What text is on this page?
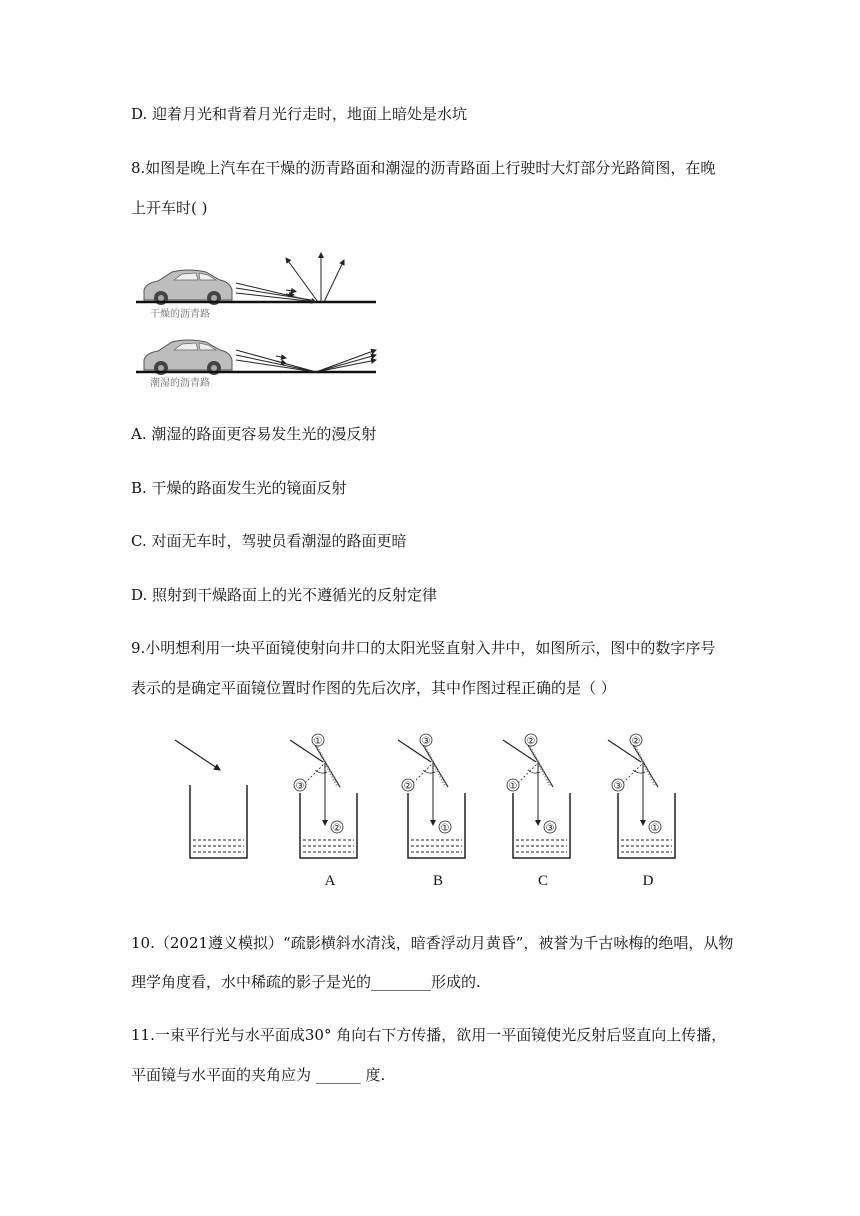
D. 迎着月光和背着月光行走时，地面上暗处是水坑
8.如图是晚上汽车在干燥的沥青路面和潮湿的沥青路面上行驶时大灯部分光路简图，在晚
上开车时( )
干燥的沥青路
潮湿的沥青路
A. 潮湿的路面更容易发生光的漫反射
B. 干燥的路面发生光的镜面反射
C. 对面无车时，驾驶员看潮湿的路面更暗
D. 照射到干燥路面上的光不遵循光的反射定律
9.小明想利用一块平面镜使射向井口的太阳光竖直射入井中，如图所示，图中的数字序号
表示的是确定平面镜位置时作图的先后次序，其中作图过程正确的是（ ）
①
③
②
A
③
②
①
B
②
①
③
C
②
③
①
D
10.（2021遵义模拟）“疏影横斜水清浅，暗香浮动月黄昏”，被誉为千古咏梅的绝唱，从物
理学角度看，水中稀疏的影子是光的________形成的.
11.一束平行光与水平面成30° 角向右下方传播，欲用一平面镜使光反射后竖直向上传播，
平面镜与水平面的夹角应为 ______ 度.
